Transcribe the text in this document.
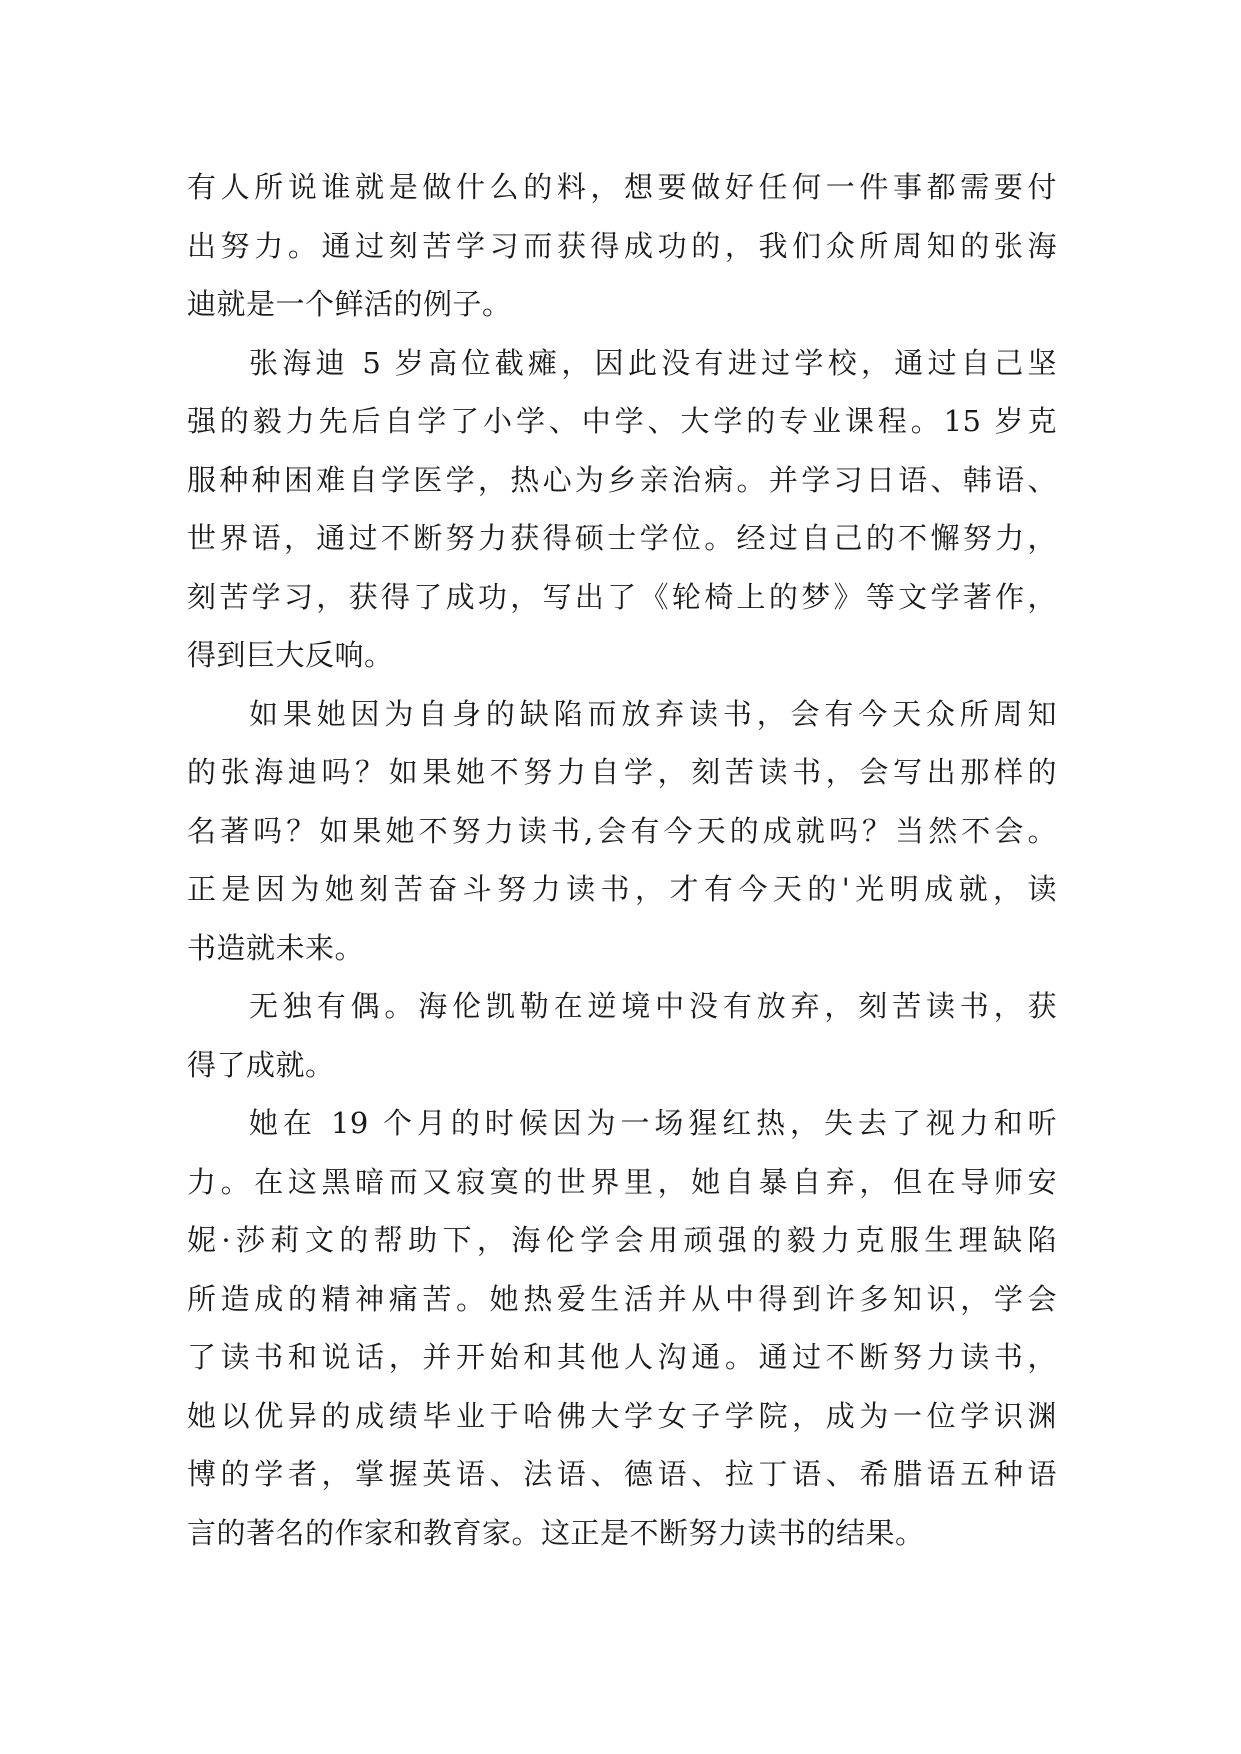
有人所说谁就是做什么的料，想要做好任何一件事都需要付
出努力。通过刻苦学习而获得成功的，我们众所周知的张海
迪就是一个鲜活的例子。
张海迪 5 岁高位截瘫，因此没有进过学校，通过自己坚
强的毅力先后自学了小学、中学、大学的专业课程。15 岁克
服种种困难自学医学，热心为乡亲治病。并学习日语、韩语、
世界语，通过不断努力获得硕士学位。经过自己的不懈努力，
刻苦学习，获得了成功，写出了《轮椅上的梦》等文学著作，
得到巨大反响。
如果她因为自身的缺陷而放弃读书，会有今天众所周知
的张海迪吗？如果她不努力自学，刻苦读书，会写出那样的
名著吗？如果她不努力读书,会有今天的成就吗？当然不会。
正是因为她刻苦奋斗努力读书，才有今天的'光明成就，读
书造就未来。
无独有偶。海伦凯勒在逆境中没有放弃，刻苦读书，获
得了成就。
她在 19 个月的时候因为一场猩红热，失去了视力和听
力。在这黑暗而又寂寞的世界里，她自暴自弃，但在导师安
妮·莎莉文的帮助下，海伦学会用顽强的毅力克服生理缺陷
所造成的精神痛苦。她热爱生活并从中得到许多知识，学会
了读书和说话，并开始和其他人沟通。通过不断努力读书，
她以优异的成绩毕业于哈佛大学女子学院，成为一位学识渊
博的学者，掌握英语、法语、德语、拉丁语、希腊语五种语
言的著名的作家和教育家。这正是不断努力读书的结果。
